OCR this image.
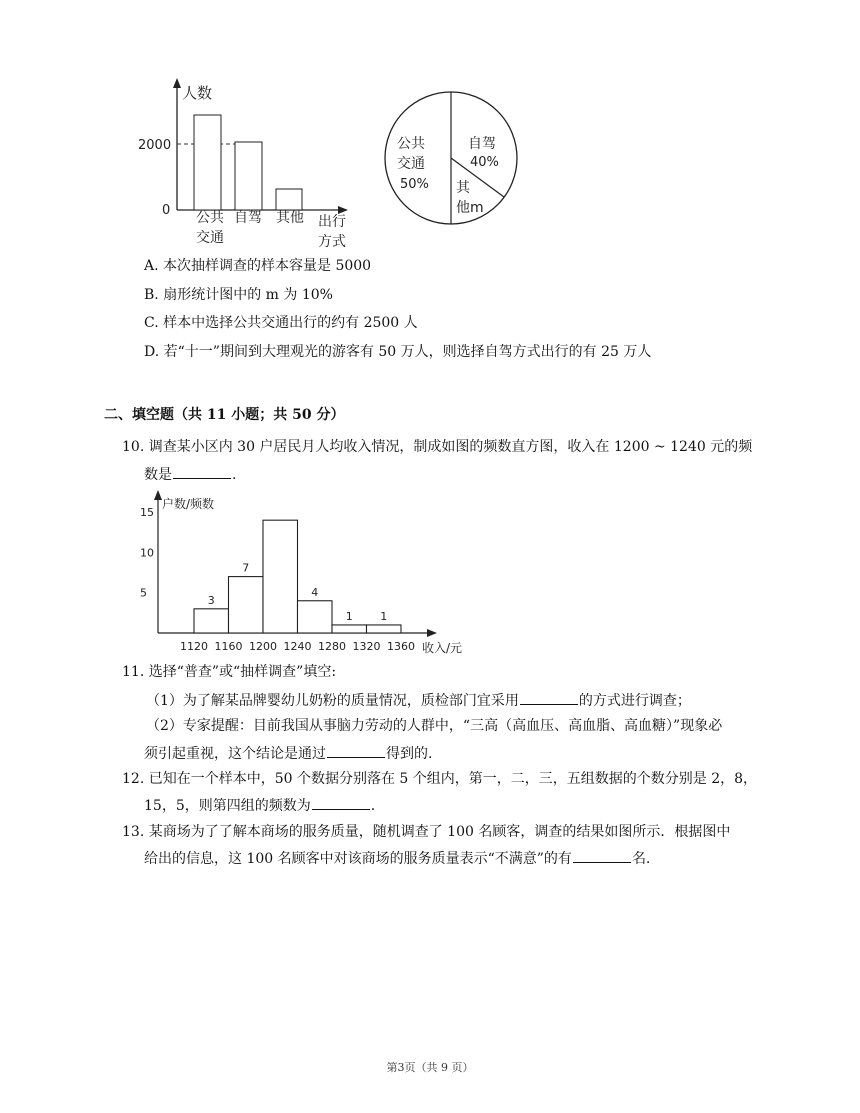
人数
2000
0 公共
交通
自驾 其他 出行
方式
公共
交通
50%
自驾
40%
其
他m
A. 本次抽样调查的样本容量是 5000
B. 扇形统计图中的 m 为 10%
C. 样本中选择公共交通出行的约有 2500 人
D. 若“十一”期间到大理观光的游客有 50 万人，则选择自驾方式出行的有 25 万人
二、填空题（共 11 小题；共 50 分）
10. 调查某小区内 30 户居民月人均收入情况，制成如图的频数直方图，收入在 1200 ~ 1240 元的频
数是	.
户数/频数
收入/元
5
10
15
3
7
4
1	1
1120 1160 1200 1240 1280 1320 1360
11. 选择“普查”或“抽样调查”填空:
（1）为了解某品牌婴幼儿奶粉的质量情况，质检部门宜采用	的方式进行调查；
（2）专家提醒：目前我国从事脑力劳动的人群中，“三高（高血压、高血脂、高血糖）”现象必
须引起重视，这个结论是通过	得到的.
12. 已知在一个样本中，50 个数据分别落在 5 个组内，第一，二，三，五组数据的个数分别是 2，8，
15，5，则第四组的频数为	.
13. 某商场为了了解本商场的服务质量，随机调查了 100 名顾客，调查的结果如图所示．根据图中
给出的信息，这 100 名顾客中对该商场的服务质量表示“不满意”的有	名.
第3页（共 9 页）
